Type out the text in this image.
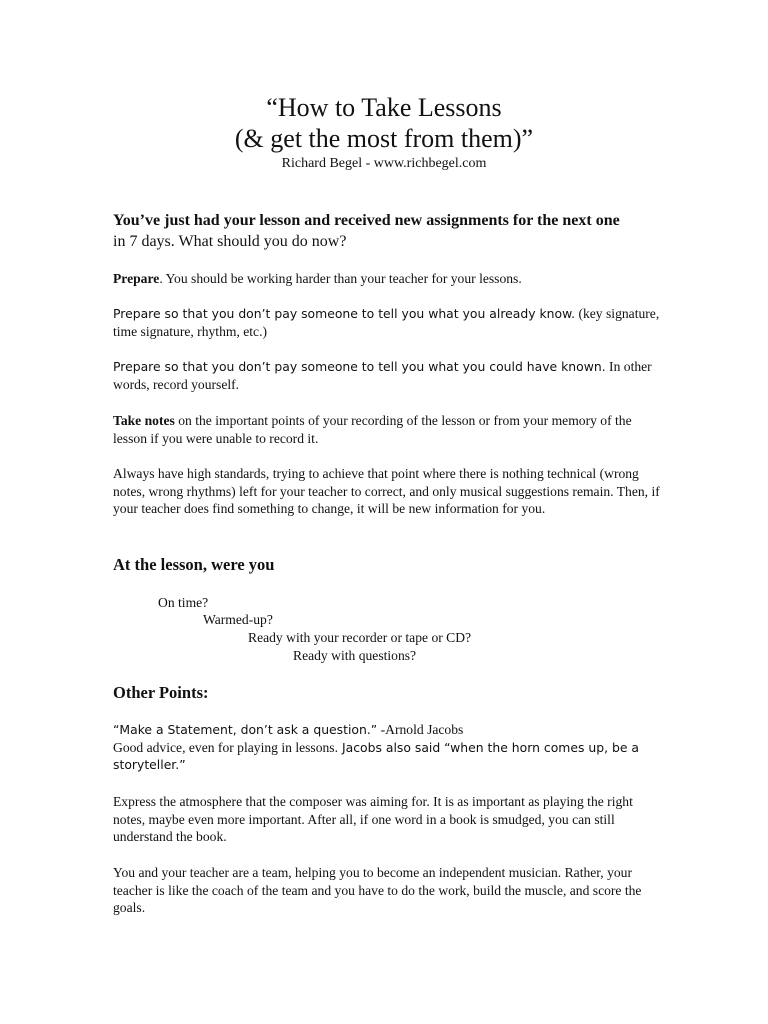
“How to Take Lessons
(& get the most from them)”
Richard Begel - www.richbegel.com
You’ve just had your lesson and received new assignments for the next one
in 7 days. What should you do now?

Prepare. You should be working harder than your teacher for your lessons.

Prepare so that you don’t pay someone to tell you what you already know. (key signature, time signature, rhythm, etc.)

Prepare so that you don’t pay someone to tell you what you could have known. In other words, record yourself.

Take notes on the important points of your recording of the lesson or from your memory of the lesson if you were unable to record it.

Always have high standards, trying to achieve that point where there is nothing technical (wrong notes, wrong rhythms) left for your teacher to correct, and only musical suggestions remain. Then, if your teacher does find something to change, it will be new information for you.

At the lesson, were you
On time?
Warmed-up?
Ready with your recorder or tape or CD?
Ready with questions?
Other Points:

“Make a Statement, don’t ask a question.” -Arnold Jacobs
Good advice, even for playing in lessons. Jacobs also said “when the horn comes up, be a storyteller.”

Express the atmosphere that the composer was aiming for. It is as important as playing the right notes, maybe even more important. After all, if one word in a book is smudged, you can still understand the book.

You and your teacher are a team, helping you to become an independent musician. Rather, your teacher is like the coach of the team and you have to do the work, build the muscle, and score the goals.
